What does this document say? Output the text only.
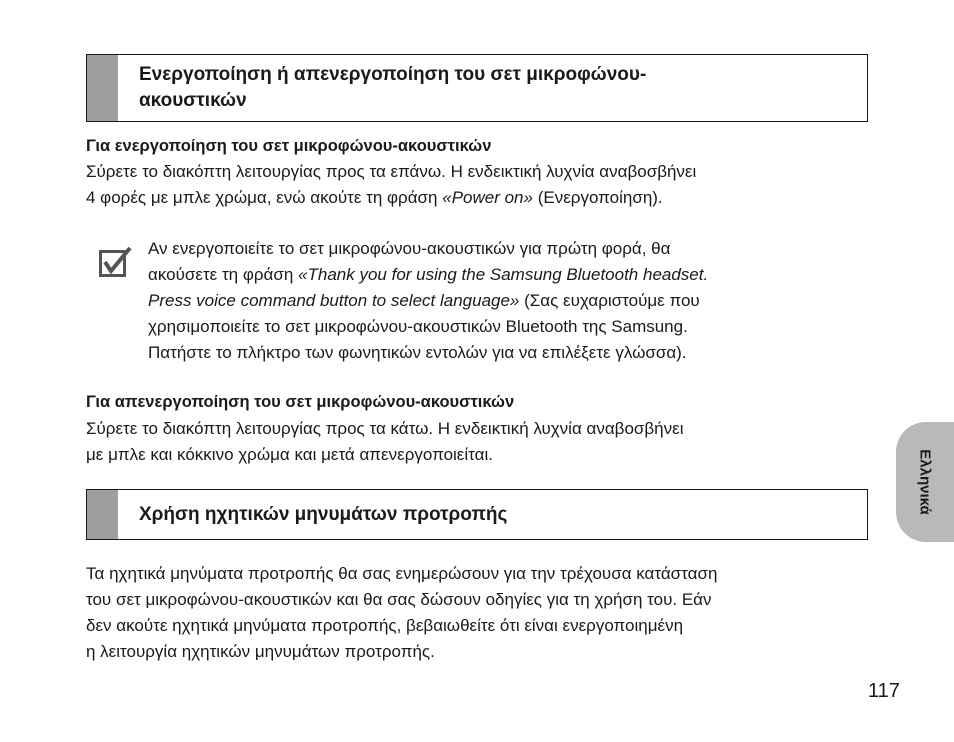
Ενεργοποίηση ή απενεργοποίηση του σετ μικροφώνου-
ακουστικών
Για ενεργοποίηση του σετ μικροφώνου-ακουστικών
Σύρετε το διακόπτη λειτουργίας προς τα επάνω. Η ενδεικτική λυχνία αναβοσβήνει
4 φορές με μπλε χρώμα, ενώ ακούτε τη φράση «Power on» (Ενεργοποίηση).
Αν ενεργοποιείτε το σετ μικροφώνου-ακουστικών για πρώτη φορά, θα
ακούσετε τη φράση «Thank you for using the Samsung Bluetooth headset.
Press voice command button to select language» (Σας ευχαριστούμε που
χρησιμοποιείτε το σετ μικροφώνου-ακουστικών Bluetooth της Samsung.
Πατήστε το πλήκτρο των φωνητικών εντολών για να επιλέξετε γλώσσα).
Για απενεργοποίηση του σετ μικροφώνου-ακουστικών
Σύρετε το διακόπτη λειτουργίας προς τα κάτω. Η ενδεικτική λυχνία αναβοσβήνει
με μπλε και κόκκινο χρώμα και μετά απενεργοποιείται.
Χρήση ηχητικών μηνυμάτων προτροπής
Τα ηχητικά μηνύματα προτροπής θα σας ενημερώσουν για την τρέχουσα κατάσταση
του σετ μικροφώνου-ακουστικών και θα σας δώσουν οδηγίες για τη χρήση του. Εάν
δεν ακούτε ηχητικά μηνύματα προτροπής, βεβαιωθείτε ότι είναι ενεργοποιημένη
η λειτουργία ηχητικών μηνυμάτων προτροπής.
Ελληνικά
117
